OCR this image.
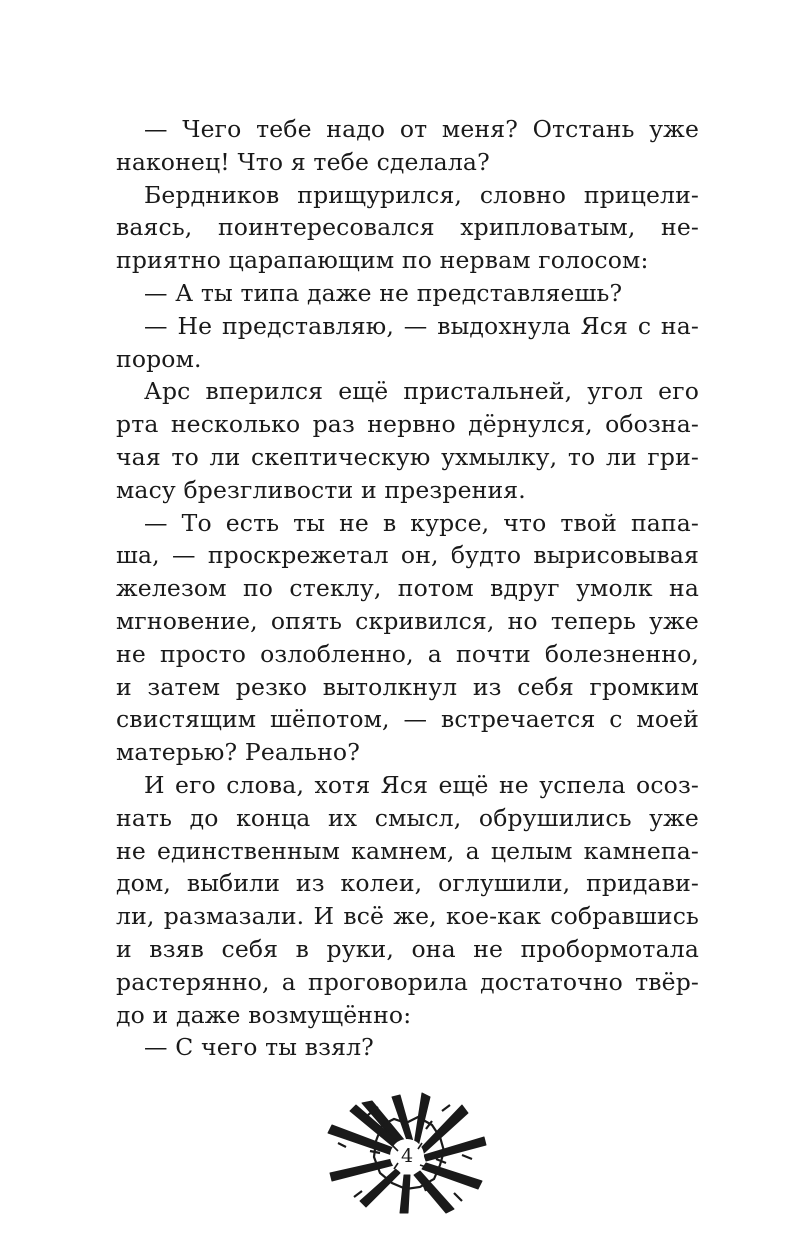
— Чего тебе надо от меня? Отстань уже
наконец! Что я тебе сделала?
Бердников прищурился, словно прицели-
ваясь, поинтересовался хрипловатым, не-
приятно царапающим по нервам голосом:
— А ты типа даже не представляешь?
— Не представляю, — выдохнула Яся с на-
пором.
Арс вперился ещё пристальней, угол его
рта несколько раз нервно дёрнулся, обозна-
чая то ли скептическую ухмылку, то ли гри-
масу брезгливости и презрения.
— То есть ты не в курсе, что твой папа-
ша, — проскрежетал он, будто вырисовывая
железом по стеклу, потом вдруг умолк на
мгновение, опять скривился, но теперь уже
не просто озлобленно, а почти болезненно,
и затем резко вытолкнул из себя громким
свистящим шёпотом, — встречается с моей
матерью? Реально?
И его слова, хотя Яся ещё не успела осоз-
нать до конца их смысл, обрушились уже
не единственным камнем, а целым камнепа-
дом, выбили из колеи, оглушили, придави-
ли, размазали. И всё же, кое-как собравшись
и взяв себя в руки, она не пробормотала
растерянно, а проговорила достаточно твёр-
до и даже возмущённо:
— С чего ты взял?
4
